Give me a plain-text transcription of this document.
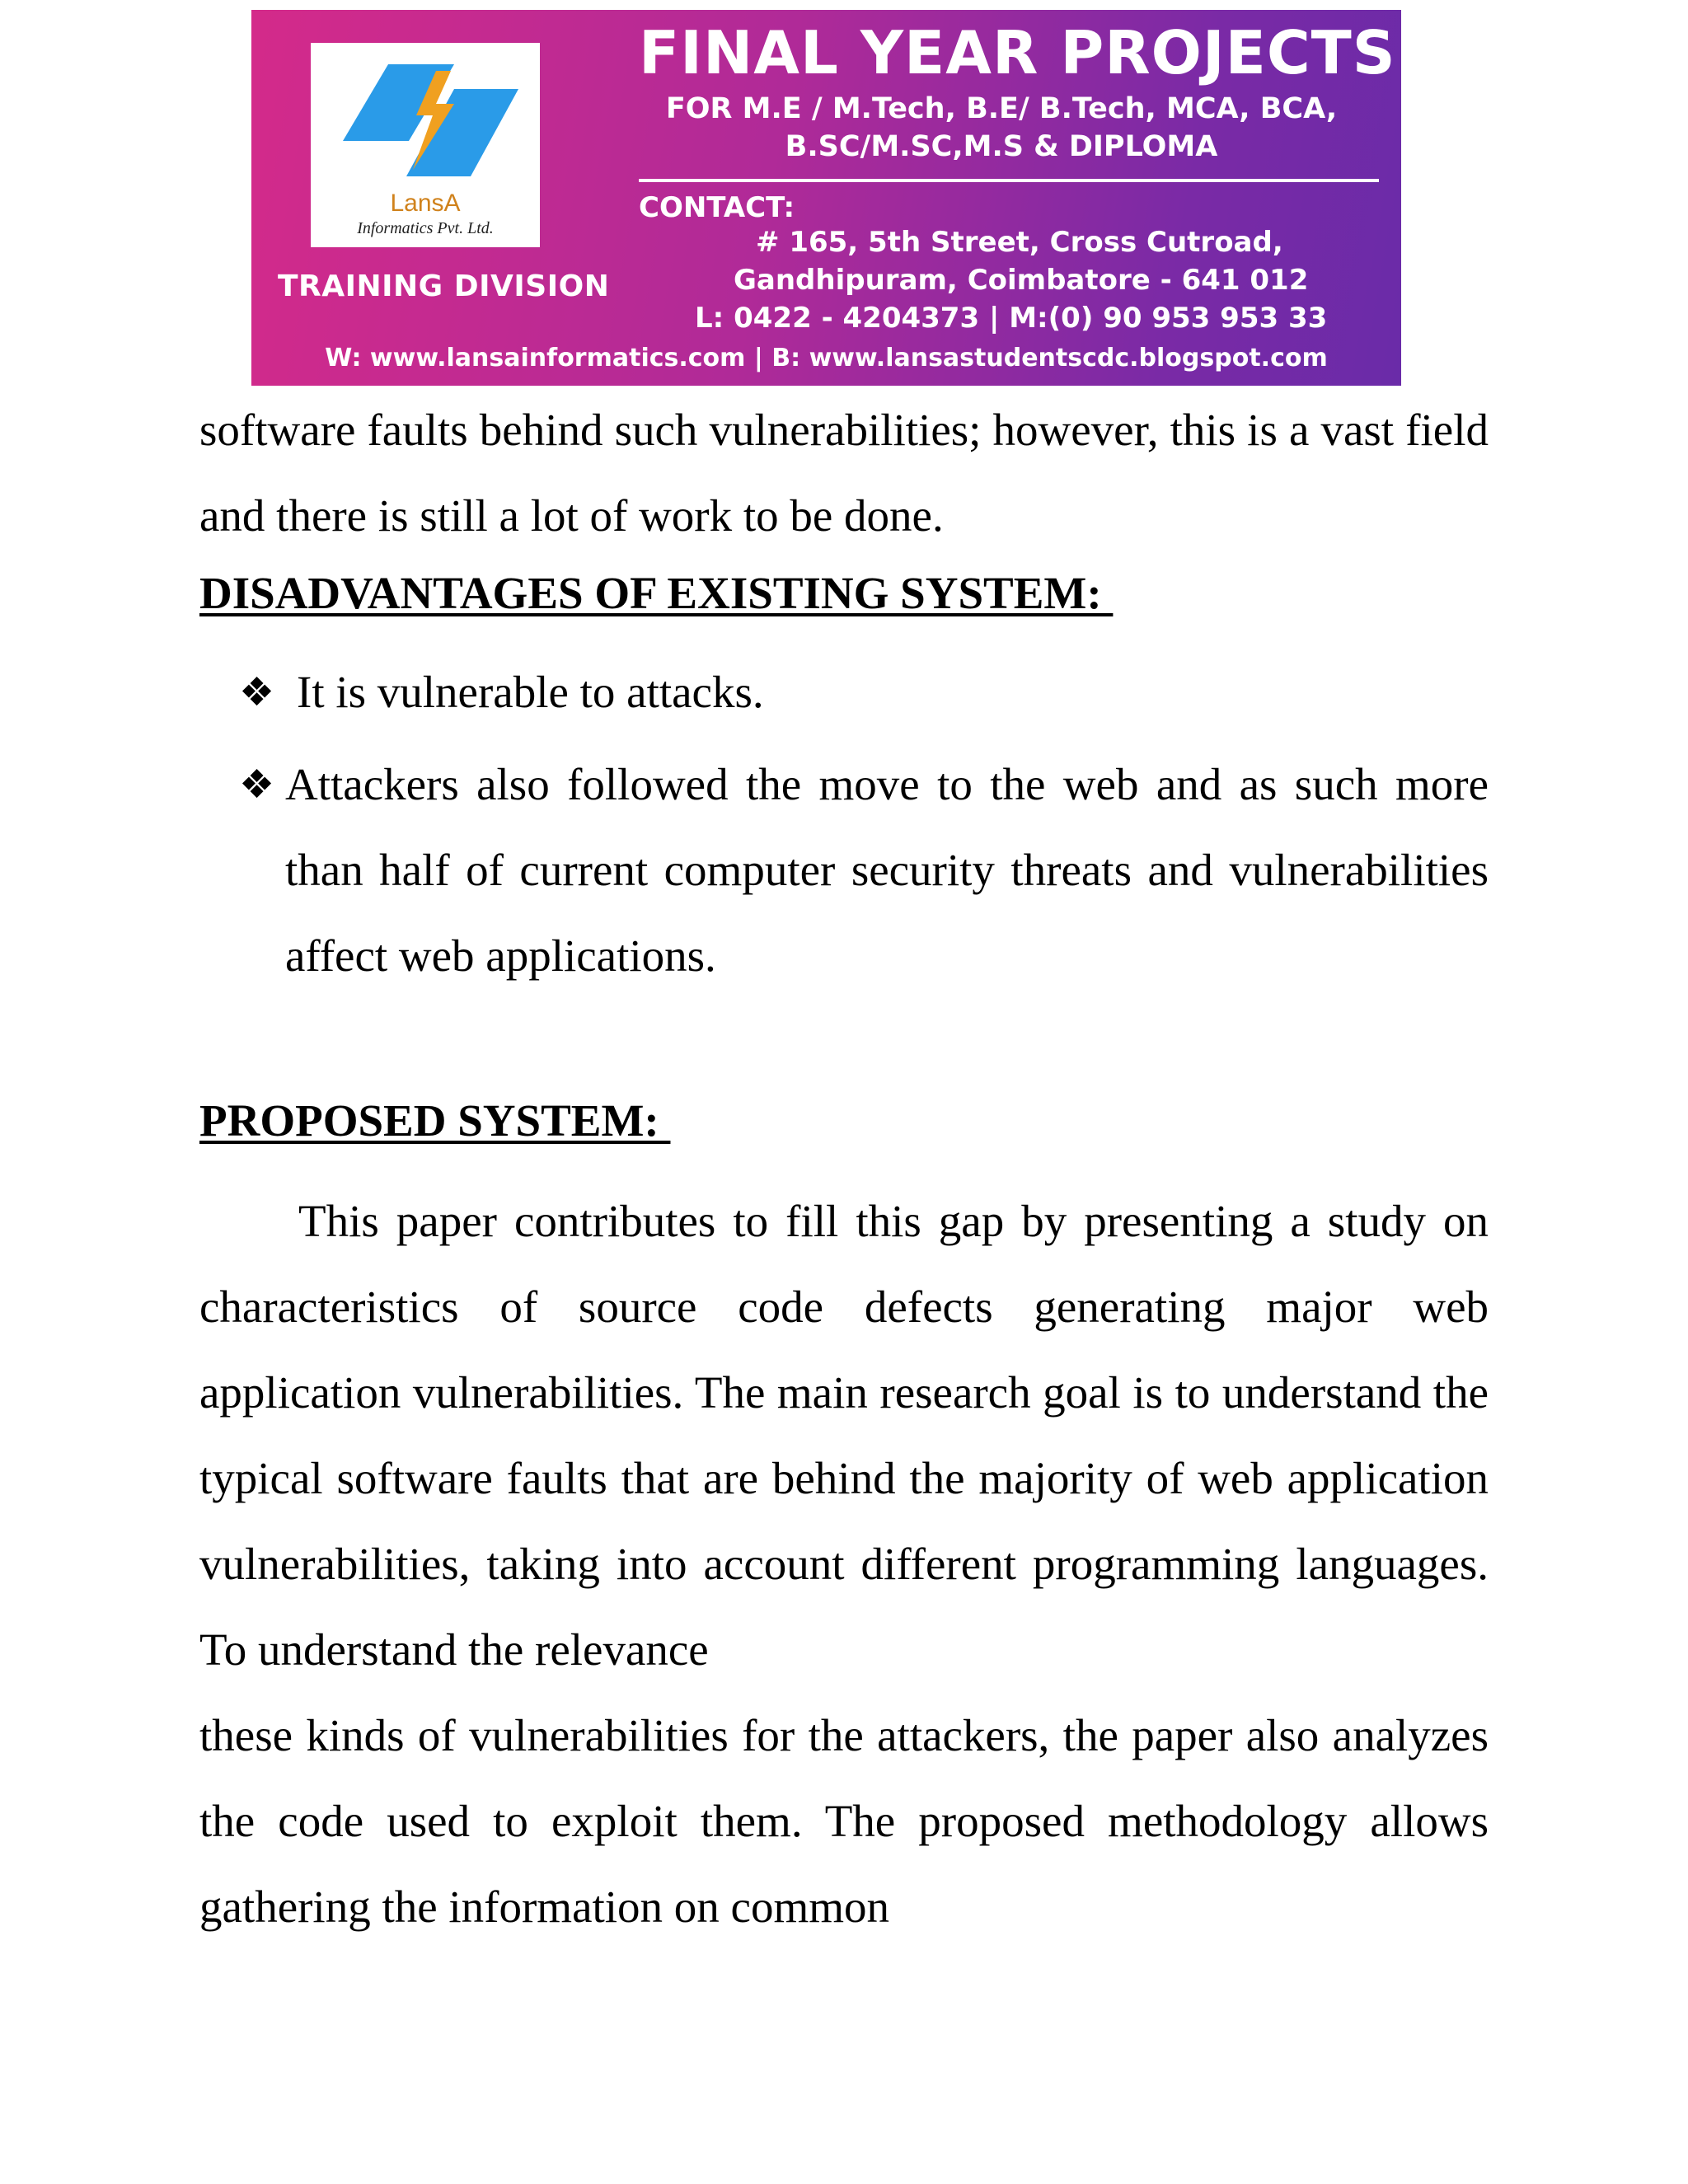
LansA
Informatics Pvt. Ltd.
TRAINING DIVISION
FINAL YEAR PROJECTS
FOR M.E / M.Tech, B.E/ B.Tech, MCA, BCA,
B.SC/M.SC,M.S & DIPLOMA
CONTACT:
# 165, 5th Street, Cross Cutroad,
Gandhipuram, Coimbatore - 641 012
L: 0422 - 4204373 | M:(0) 90 953 953 33
W: www.lansainformatics.com | B: www.lansastudentscdc.blogspot.com
software faults behind such vulnerabilities; however, this is a vast field and there is still a lot of work to be done.
DISADVANTAGES OF EXISTING SYSTEM:
❖ It is vulnerable to attacks.
❖ Attackers also followed the move to the web and as such more than half of current computer security threats and vulnerabilities affect web applications.
PROPOSED SYSTEM:
This paper contributes to fill this gap by presenting a study on characteristics of source code defects generating major web application vulnerabilities. The main research goal is to understand the typical software faults that are behind the majority of web application vulnerabilities, taking into account different programming languages. To understand the relevance
these kinds of vulnerabilities for the attackers, the paper also analyzes the code used to exploit them. The proposed methodology allows gathering the information on common
